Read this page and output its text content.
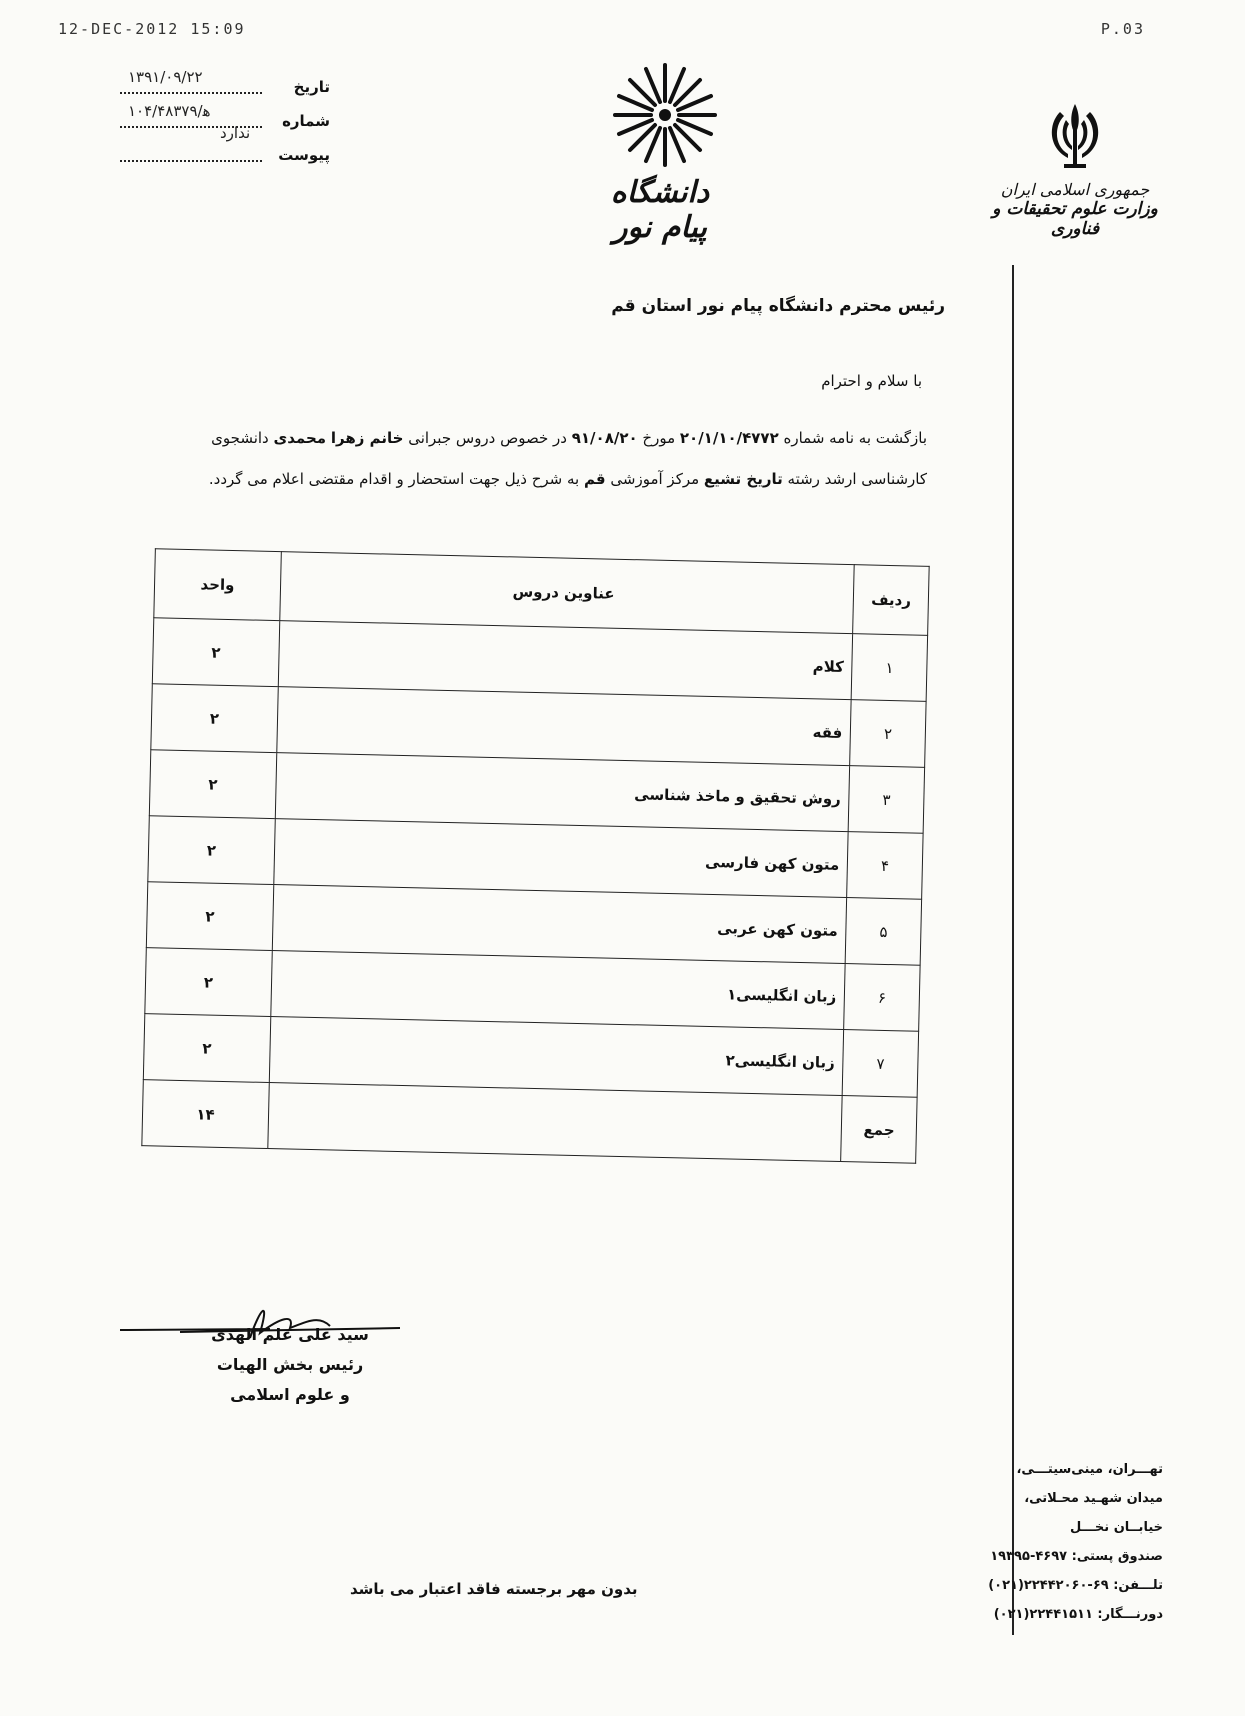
12-DEC-2012 15:09	P.03
تاریخ
۱۳۹۱/۰۹/۲۲
شماره
ﻫ/۱۰۴/۴۸۳۷۹
پیوست
ندارد
دانشگاه پیام نور
جمهوری اسلامی ایران
وزارت علوم تحقیقات و فناوری
رئیس محترم دانشگاه پیام نور استان قم
با سلام و احترام
بازگشت به نامه شماره ۲۰/۱/۱۰/۴۷۷۲ مورخ ۹۱/۰۸/۲۰ در خصوص دروس جبرانی خانم زهرا محمدی دانشجوی کارشناسی ارشد رشته تاریخ تشیع مرکز آموزشی قم به شرح ذیل جهت استحضار و اقدام مقتضی اعلام می گردد.
ردیف	عناوین دروس	واحد
۱	کلام	۲
۲	فقه	۲
۳	روش تحقیق و ماخذ شناسی	۲
۴	متون کهن فارسی	۲
۵	متون کهن عربی	۲
۶	زبان انگلیسی۱	۲
۷	زبان انگلیسی۲	۲
جمع		۱۴
سید علی علم الهدی
رئیس بخش الهیات
و علوم اسلامی
بدون مهر برجسته فاقد اعتبار می باشد
تهـــران، مینی‌سیتـــی،
میدان شهـید محـلاتی،
خیابــان نخـــل
صندوق پستی: ۴۶۹۷-۱۹۳۹۵
تلـــفن: ۶۹-۲۲۴۴۲۰۶۰(۰۲۱)
دورنـــگار: ۲۲۴۴۱۵۱۱(۰۲۱)
